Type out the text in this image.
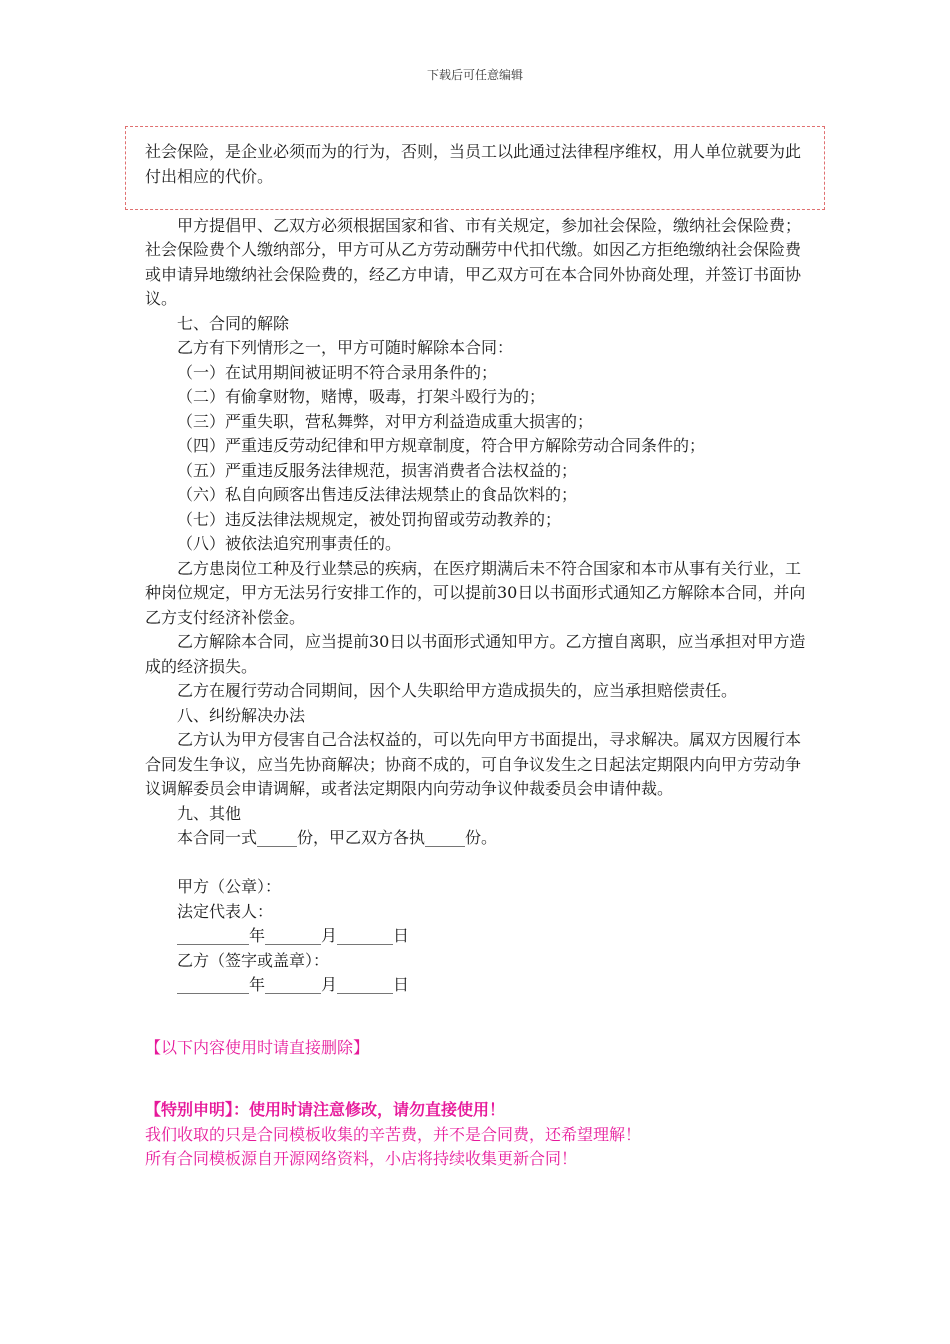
下载后可任意编辑

社会保险，是企业必须而为的行为，否则，当员工以此通过法律程序维权，用人单位就要为此付出相应的代价。

甲方提倡甲、乙双方必须根据国家和省、市有关规定，参加社会保险，缴纳社会保险费；社会保险费个人缴纳部分，甲方可从乙方劳动酬劳中代扣代缴。如因乙方拒绝缴纳社会保险费或申请异地缴纳社会保险费的，经乙方申请，甲乙双方可在本合同外协商处理，并签订书面协议。

七、合同的解除

乙方有下列情形之一，甲方可随时解除本合同：

（一）在试用期间被证明不符合录用条件的；

（二）有偷拿财物，赌博，吸毒，打架斗殴行为的；

（三）严重失职，营私舞弊，对甲方利益造成重大损害的；

（四）严重违反劳动纪律和甲方规章制度，符合甲方解除劳动合同条件的；

（五）严重违反服务法律规范，损害消费者合法权益的；

（六）私自向顾客出售违反法律法规禁止的食品饮料的；

（七）违反法律法规规定，被处罚拘留或劳动教养的；

（八）被依法追究刑事责任的。

乙方患岗位工种及行业禁忌的疾病，在医疗期满后未不符合国家和本市从事有关行业，工种岗位规定，甲方无法另行安排工作的，可以提前30日以书面形式通知乙方解除本合同，并向乙方支付经济补偿金。

乙方解除本合同，应当提前30日以书面形式通知甲方。乙方擅自离职，应当承担对甲方造成的经济损失。

乙方在履行劳动合同期间，因个人失职给甲方造成损失的，应当承担赔偿责任。

八、纠纷解决办法

乙方认为甲方侵害自己合法权益的，可以先向甲方书面提出，寻求解决。属双方因履行本合同发生争议，应当先协商解决；协商不成的，可自争议发生之日起法定期限内向甲方劳动争议调解委员会申请调解，或者法定期限内向劳动争议仲裁委员会申请仲裁。

九、其他

本合同一式_____份，甲乙双方各执_____份。

甲方（公章）：

法定代表人：

_________年_______月_______日

乙方（签字或盖章）：

_________年_______月_______日

【以下内容使用时请直接删除】

【特别申明】：使用时请注意修改，请勿直接使用！

我们收取的只是合同模板收集的辛苦费，并不是合同费，还希望理解！

所有合同模板源自开源网络资料，小店将持续收集更新合同！
